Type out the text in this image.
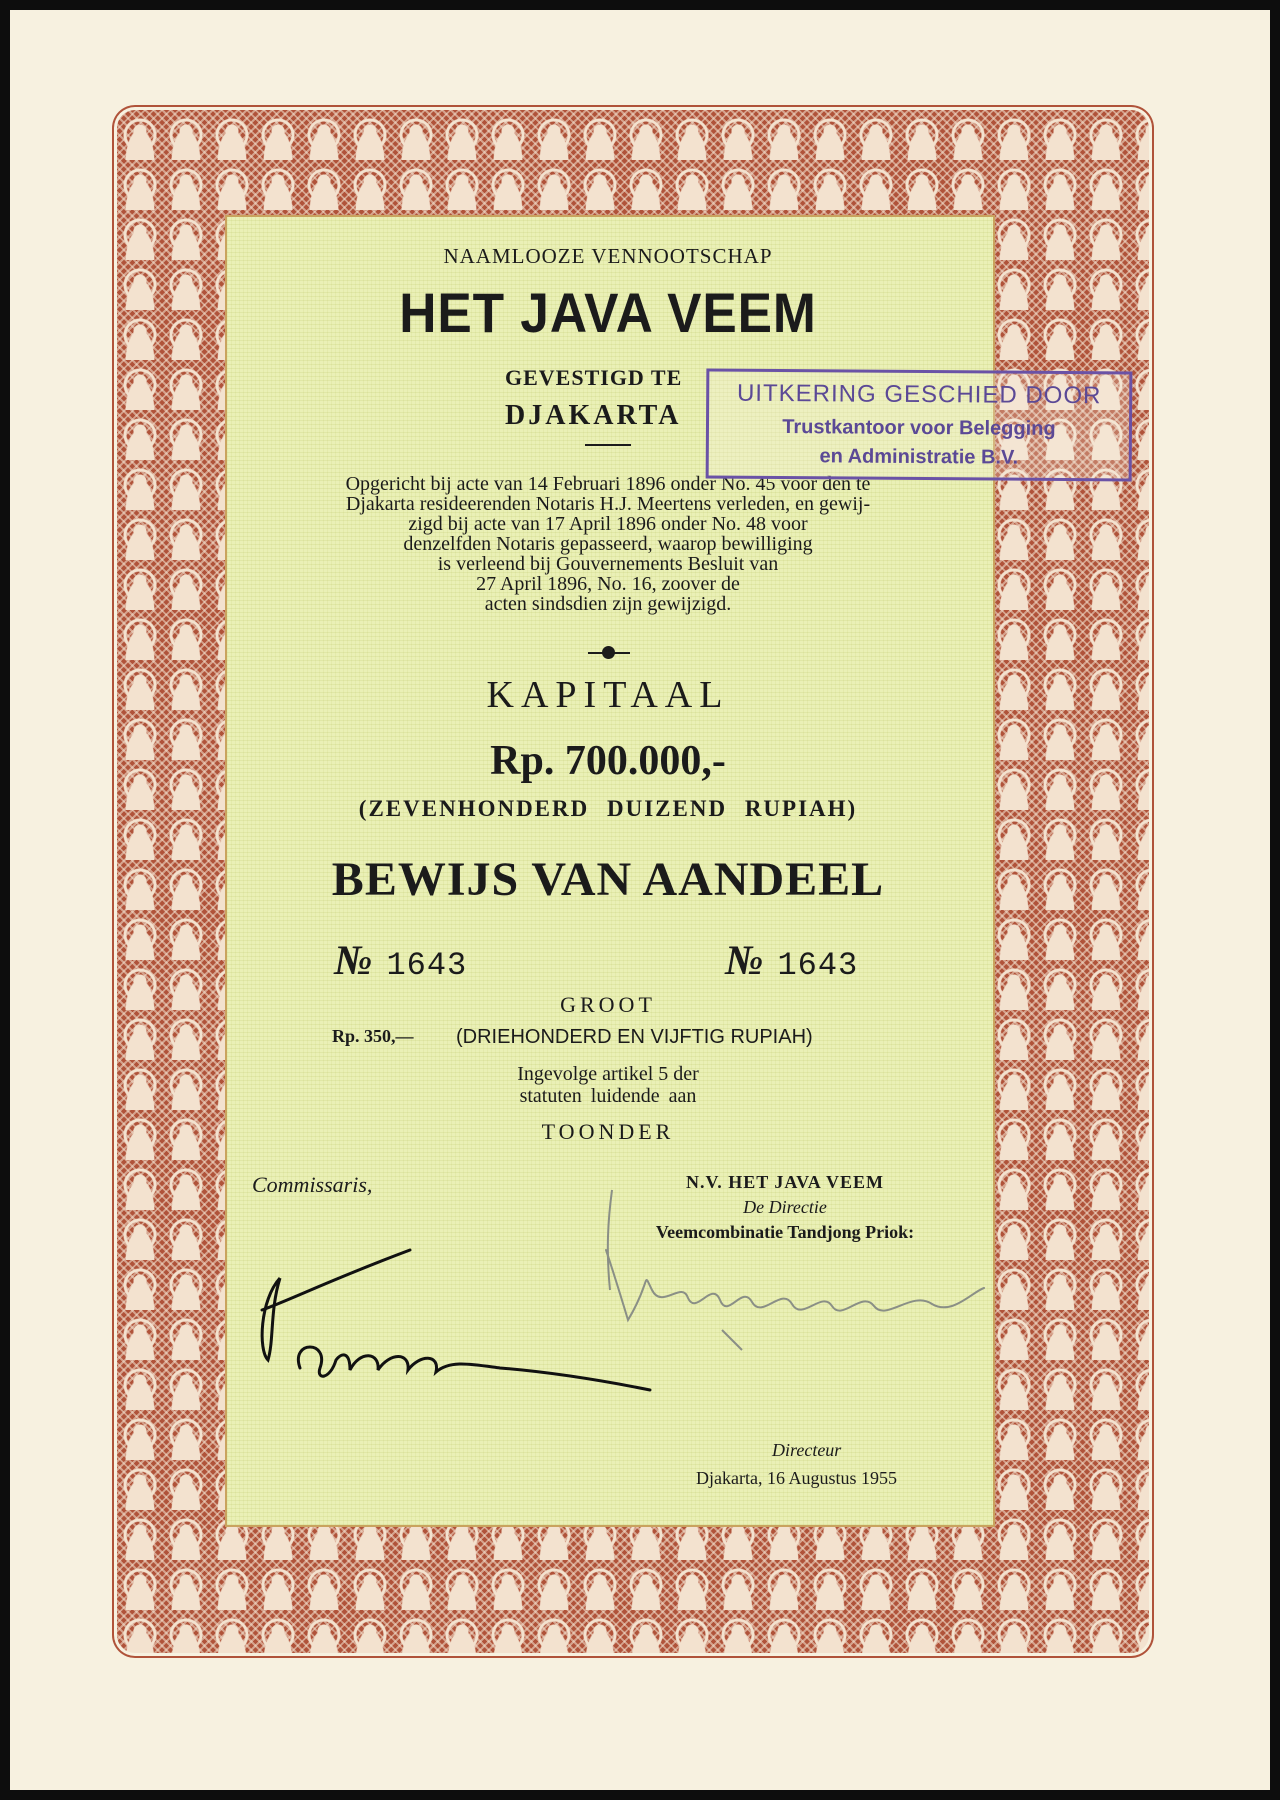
NAAMLOOZE VENNOOTSCHAP
HET JAVA VEEM
GEVESTIGD TE
DJAKARTA
Opgericht bij acte van 14 Februari 1896 onder No. 45 voor den te
Djakarta resideerenden Notaris H.J. Meertens verleden, en gewij-
zigd bij acte van 17 April 1896 onder No. 48 voor
denzelfden Notaris gepasseerd, waarop bewilliging
is verleend bij Gouvernements Besluit van
27 April 1896, No. 16, zoover de
acten sindsdien zijn gewijzigd.
KAPITAAL
Rp. 700.000,-
(ZEVENHONDERD DUIZEND RUPIAH)
BEWIJS VAN AANDEEL
№ 1643	№ 1643
GROOT
Rp. 350,— (DRIEHONDERD EN VIJFTIG RUPIAH)
Ingevolge artikel 5 der
statuten luidende aan
TOONDER
Commissaris,	N.V. HET JAVA VEEM
De Directie
Veemcombinatie Tandjong Priok:
Directeur
Djakarta, 16 Augustus 1955
UITKERING GESCHIED DOOR
Trustkantoor voor Belegging
en Administratie B.V.
